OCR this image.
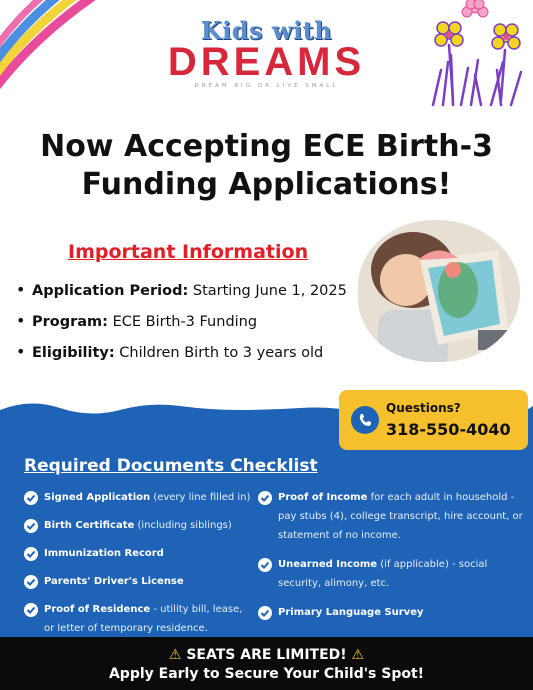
Kids with
DREAMS
DREAM BIG OR LIVE SMALL
Now Accepting ECE Birth-3
Funding Applications!
Important Information
• Application Period: Starting June 1, 2025
• Program: ECE Birth-3 Funding
• Eligibility: Children Birth to 3 years old
Questions?
318-550-4040
Required Documents Checklist
Signed Application (every line filled in)
Birth Certificate (including siblings)
Immunization Record
Parents' Driver's License
Proof of Residence - utility bill, lease, or letter of temporary residence.
Proof of Income for each adult in household - pay stubs (4), college transcript, hire account, or statement of no income.
Unearned Income (if applicable) - social security, alimony, etc.
Primary Language Survey
⚠ SEATS ARE LIMITED! ⚠
Apply Early to Secure Your Child's Spot!
